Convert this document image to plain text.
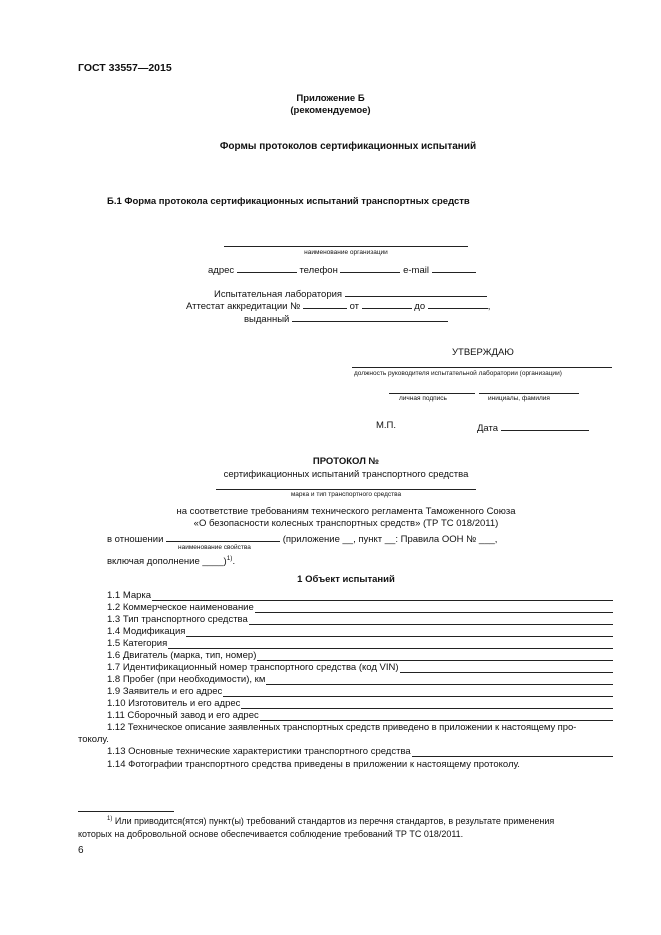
ГОСТ 33557—2015
Приложение Б
(рекомендуемое)
Формы протоколов сертификационных испытаний
Б.1 Форма протокола сертификационных испытаний транспортных средств
наименование организации
адрес	телефон	e-mail
Испытательная лаборатория
Аттестат аккредитации №	от	до	,
выданный
УТВЕРЖДАЮ
должность руководителя испытательной лаборатории (организации)
личная подпись	инициалы, фамилия
М.П.	Дата
ПРОТОКОЛ №
сертификационных испытаний транспортного средства
марка и тип транспортного средства
на соответствие требованиям технического регламента Таможенного Союза
«О безопасности колесных транспортных средств» (ТР ТС 018/2011)
в отношении	(приложение __, пункт __: Правила ООН № ___,
наименование свойства
включая дополнение ____)$^{1)}$.
1 Объект испытаний
1.1 Марка
1.2 Коммерческое наименование
1.3 Тип транспортного средства
1.4 Модификация
1.5 Категория
1.6 Двигатель (марка, тип, номер)
1.7 Идентификационный номер транспортного средства (код VIN)
1.8 Пробег (при необходимости), км
1.9 Заявитель и его адрес
1.10 Изготовитель и его адрес
1.11 Сборочный завод и его адрес
1.12 Техническое описание заявленных транспортных средств приведено в приложении к настоящему про-
токолу.
1.13 Основные технические характеристики транспортного средства
1.14 Фотографии транспортного средства приведены в приложении к настоящему протоколу.
$^{1)}$ Или приводится(ятся) пункт(ы) требований стандартов из перечня стандартов, в результате применения
которых на добровольной основе обеспечивается соблюдение требований ТР ТС 018/2011.
6
